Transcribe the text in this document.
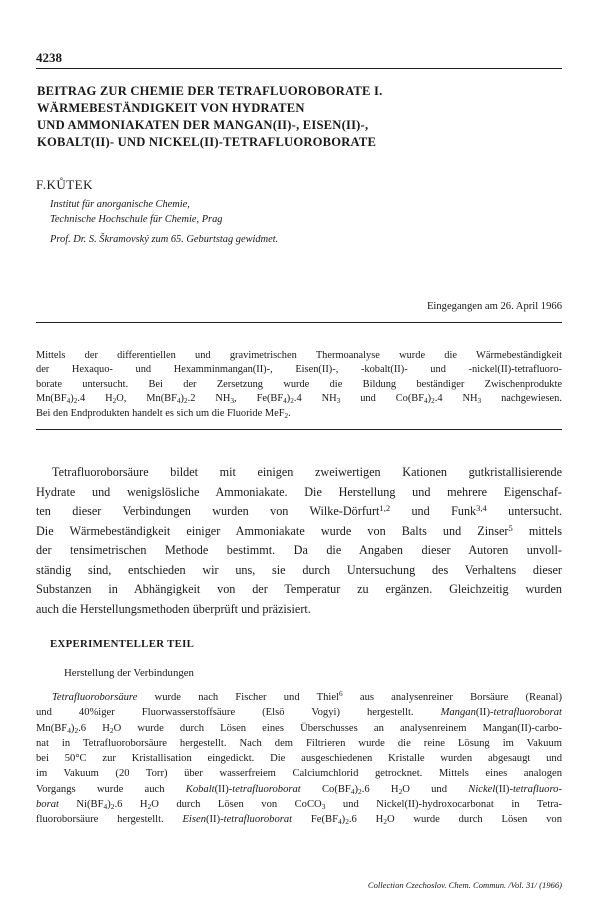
4238
BEITRAG ZUR CHEMIE DER TETRAFLUOROBORATE I.
WÄRMEBESTÄNDIGKEIT VON HYDRATEN
UND AMMONIAKATEN DER MANGAN(II)-, EISEN(II)-,
KOBALT(II)- UND NICKEL(II)-TETRAFLUOROBORATE
F.KŮTEK
Institut für anorganische Chemie,
Technische Hochschule für Chemie, Prag
Prof. Dr. S. Škramovský zum 65. Geburtstag gewidmet.
Eingegangen am 26. April 1966
Mittels der differentiellen und gravimetrischen Thermoanalyse wurde die Wärmebeständigkeit
der Hexaquo- und Hexamminmangan(II)-, Eisen(II)-, -kobalt(II)- und -nickel(II)-tetrafluoro-
borate untersucht. Bei der Zersetzung wurde die Bildung beständiger Zwischenprodukte
$Mn(BF_4)_2.4$ $H_2O$, $Mn(BF_4)_2.2$ $NH_3$, $Fe(BF_4)_2.4$ $NH_3$ und $Co(BF_4)_2.4$ $NH_3$ nachgewiesen.
Bei den Endprodukten handelt es sich um die Fluoride MeF$_2$.
Tetrafluoroborsäure bildet mit einigen zweiwertigen Kationen gutkristallisierende
Hydrate und wenigslösliche Ammoniakate. Die Herstellung und mehrere Eigenschaf-
ten dieser Verbindungen wurden von Wilke-Dörfurt$^{1,2}$ und Funk$^{3,4}$ untersucht.
Die Wärmebeständigkeit einiger Ammoniakate wurde von Balts und Zinser$^5$ mittels
der tensimetrischen Methode bestimmt. Da die Angaben dieser Autoren unvoll-
ständig sind, entschieden wir uns, sie durch Untersuchung des Verhaltens dieser
Substanzen in Abhängigkeit von der Temperatur zu ergänzen. Gleichzeitig wurden
auch die Herstellungsmethoden überprüft und präzisiert.
EXPERIMENTELLER TEIL
Herstellung der Verbindungen
Tetrafluoroborsäure wurde nach Fischer und Thiel$^6$ aus analysenreiner Borsäure (Reanal)
und 40%iger Fluorwasserstoffsäure (Elsö Vogyi) hergestellt. Mangan(II)-tetrafluoroborat
$Mn(BF_4)_2.6$ $H_2O$ wurde durch Lösen eines Überschusses an analysenreinem Mangan(II)-carbo-
nat in Tetrafluoroborsäure hergestellt. Nach dem Filtrieren wurde die reine Lösung im Vakuum
bei 50°C zur Kristallisation eingedickt. Die ausgeschiedenen Kristalle wurden abgesaugt und
im Vakuum (20 Torr) über wasserfreiem Calciumchlorid getrocknet. Mittels eines analogen
Vorgangs wurde auch Kobalt(II)-tetrafluoroborat $Co(BF_4)_2.6$ $H_2O$ und Nickel(II)-tetrafluoro-
borat $Ni(BF_4)_2.6$ $H_2O$ durch Lösen von CoCO$_3$ und Nickel(II)-hydroxocarbonat in Tetra-
fluoroborsäure hergestellt. Eisen(II)-tetrafluoroborat $Fe(BF_4)_2.6$ $H_2O$ wurde durch Lösen von
Collection Czechoslov. Chem. Commun. /Vol. 31/ (1966)
